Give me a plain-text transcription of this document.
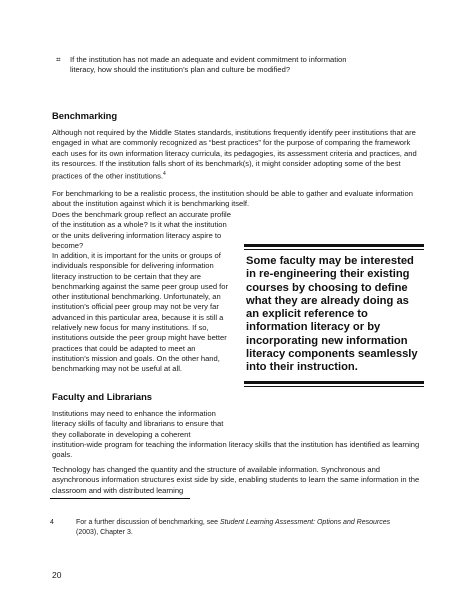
⌗ If the institution has not made an adequate and evident commitment to information literacy, how should the institution’s plan and culture be modified?
Benchmarking
Although not required by the Middle States standards, institutions frequently identify peer institutions that are engaged in what are commonly recognized as “best practices” for the purpose of comparing the framework each uses for its own information literacy curricula, its pedagogies, its assessment criteria and practices, and its resources. If the institution falls short of its benchmark(s), it might consider adopting some of the best practices of the other institutions.$^4$
For benchmarking to be a realistic process, the institution should be able to gather and evaluate information about the institution against which it is benchmarking itself.
Does the benchmark group reflect an accurate profile of the institution as a whole? Is it what the institution or the units delivering information literacy aspire to become?
In addition, it is important for the units or groups of individuals responsible for delivering information literacy instruction to be certain that they are benchmarking against the same peer group used for other institutional benchmarking. Unfortunately, an institution’s official peer group may not be very far advanced in this particular area, because it is still a relatively new focus for many institutions. If so, institutions outside the peer group might have better practices that could be adapted to meet an institution’s mission and goals. On the other hand, benchmarking may not be useful at all.
Some faculty may be interested in re-engineering their existing courses by choosing to define what they are already doing as an explicit reference to information literacy or by incorporating new information literacy components seamlessly into their instruction.
Faculty and Librarians
Institutions may need to enhance the information literacy skills of faculty and librarians to ensure that they collaborate in developing a coherent
institution-wide program for teaching the information literacy skills that the institution has identified as learning goals.
Technology has changed the quantity and the structure of available information. Synchronous and asynchronous information structures exist side by side, enabling students to learn the same information in the classroom and with distributed learning
4	For a further discussion of benchmarking, see Student Learning Assessment: Options and Resources (2003), Chapter 3.
20
